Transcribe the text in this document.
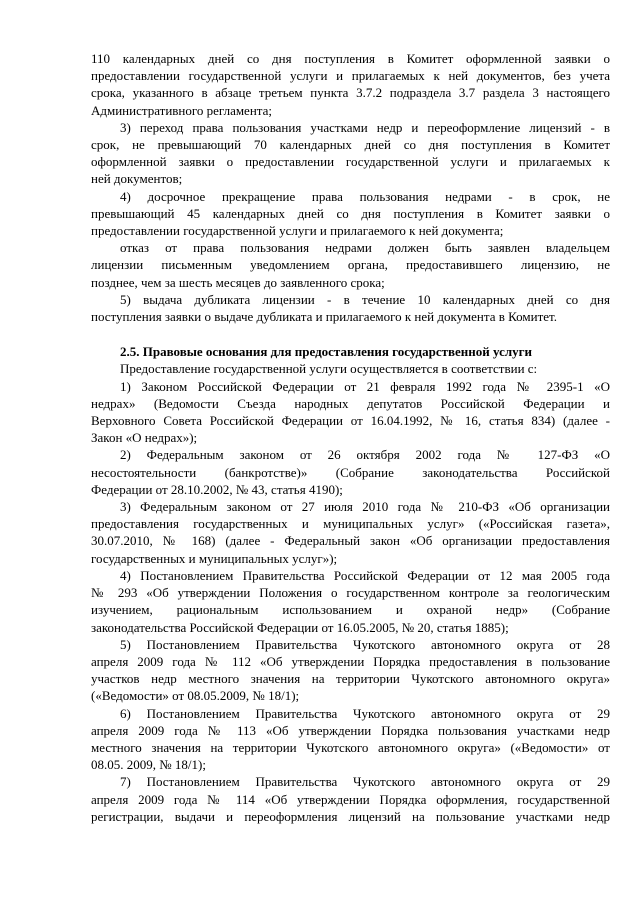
110 календарных дней со дня поступления в Комитет оформленной заявки о

предоставлении государственной услуги и прилагаемых к ней документов, без учета

срока, указанного в абзаце третьем пункта 3.7.2 подраздела 3.7 раздела 3 настоящего

Административного регламента;

3) переход права пользования участками недр и переоформление лицензий - в

срок, не превышающий 70 календарных дней со дня поступления в Комитет

оформленной заявки о предоставлении государственной услуги и прилагаемых к

ней документов;

4) досрочное прекращение права пользования недрами - в срок, не

превышающий 45 календарных дней со дня поступления в Комитет заявки о

предоставлении государственной услуги и прилагаемого к ней документа;

отказ от права пользования недрами должен быть заявлен владельцем

лицензии письменным уведомлением органа, предоставившего лицензию, не

позднее, чем за шесть месяцев до заявленного срока;

5) выдача дубликата лицензии - в течение 10 календарных дней со дня

поступления заявки о выдаче дубликата и прилагаемого к ней документа в Комитет.

2.5. Правовые основания для предоставления государственной услуги

Предоставление государственной услуги осуществляется в соответствии с:

1) Законом Российской Федерации от 21 февраля 1992 года № 2395-1 «О

недрах» (Ведомости Съезда народных депутатов Российской Федерации и

Верховного Совета Российской Федерации от 16.04.1992, № 16, статья 834) (далее -

Закон «О недрах»);

2) Федеральным законом от 26 октября 2002 года № 127-ФЗ «О

несостоятельности (банкротстве)» (Собрание законодательства Российской

Федерации от 28.10.2002, № 43, статья 4190);

3) Федеральным законом от 27 июля 2010 года № 210-ФЗ «Об организации

предоставления государственных и муниципальных услуг» («Российская газета»,

30.07.2010, № 168) (далее - Федеральный закон «Об организации предоставления

государственных и муниципальных услуг»);

4) Постановлением Правительства Российской Федерации от 12 мая 2005 года

№ 293 «Об утверждении Положения о государственном контроле за геологическим

изучением, рациональным использованием и охраной недр» (Собрание

законодательства Российской Федерации от 16.05.2005, № 20, статья 1885);

5) Постановлением Правительства Чукотского автономного округа от 28

апреля 2009 года № 112 «Об утверждении Порядка предоставления в пользование

участков недр местного значения на территории Чукотского автономного округа»

(«Ведомости» от 08.05.2009, № 18/1);

6) Постановлением Правительства Чукотского автономного округа от 29

апреля 2009 года № 113 «Об утверждении Порядка пользования участками недр

местного значения на территории Чукотского автономного округа» («Ведомости» от

08.05. 2009, № 18/1);

7) Постановлением Правительства Чукотского автономного округа от 29

апреля 2009 года № 114 «Об утверждении Порядка оформления, государственной

регистрации, выдачи и переоформления лицензий на пользование участками недр
